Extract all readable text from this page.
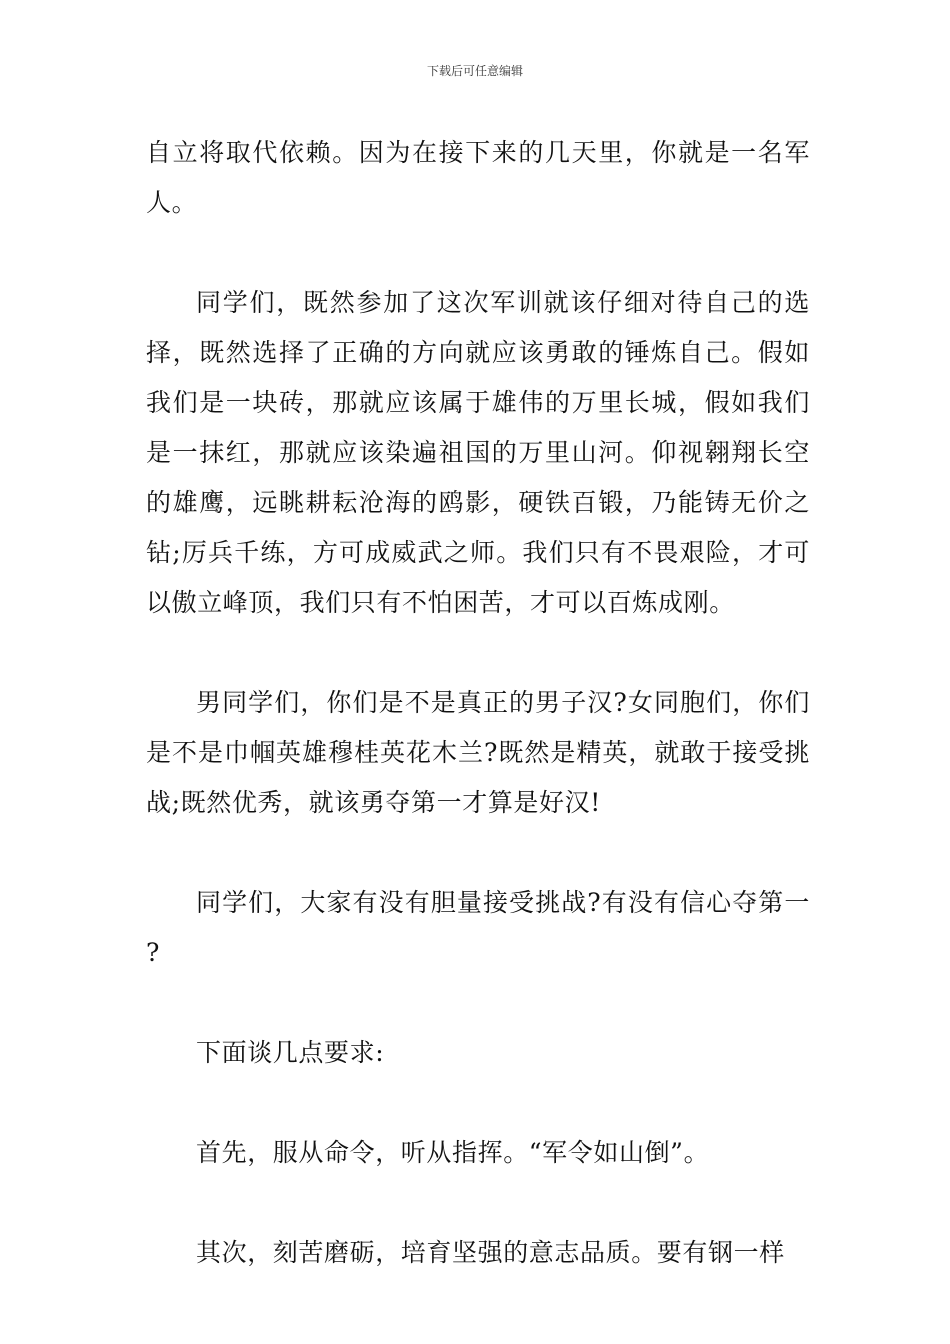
下载后可任意编辑

自立将取代依赖。因为在接下来的几天里，你就是一名军人。

同学们，既然参加了这次军训就该仔细对待自己的选择，既然选择了正确的方向就应该勇敢的锤炼自己。假如我们是一块砖，那就应该属于雄伟的万里长城，假如我们是一抹红，那就应该染遍祖国的万里山河。仰视翱翔长空的雄鹰，远眺耕耘沧海的鸥影，硬铁百锻，乃能铸无价之钻;厉兵千练，方可成威武之师。我们只有不畏艰险，才可以傲立峰顶，我们只有不怕困苦，才可以百炼成刚。

男同学们，你们是不是真正的男子汉?女同胞们，你们是不是巾帼英雄穆桂英花木兰?既然是精英，就敢于接受挑战;既然优秀，就该勇夺第一才算是好汉!

同学们，大家有没有胆量接受挑战?有没有信心夺第一?

下面谈几点要求:

首先，服从命令，听从指挥。“军令如山倒”。

其次，刻苦磨砺，培育坚强的意志品质。要有钢一样
